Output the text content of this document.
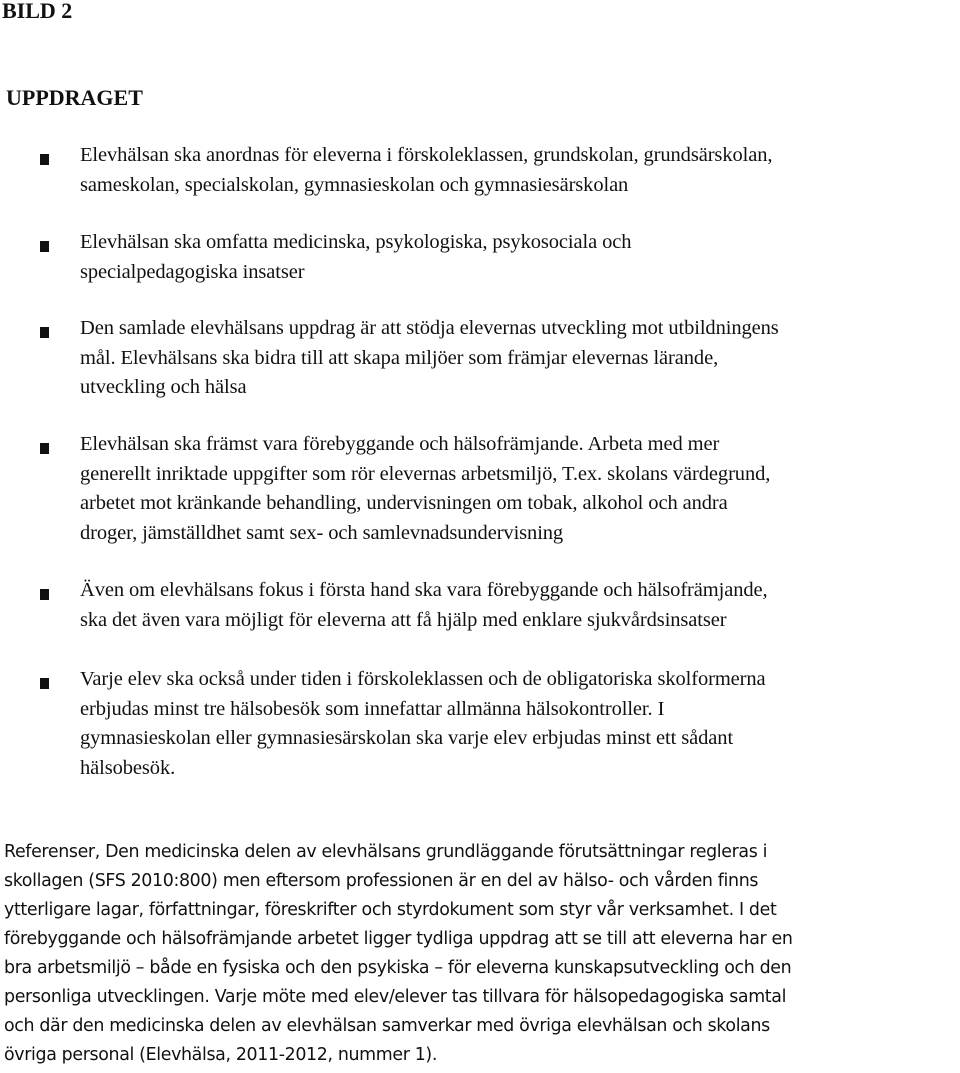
BILD 2
UPPDRAGET
Elevhälsan ska anordnas för eleverna i förskoleklassen, grundskolan, grundsärskolan,
sameskolan, specialskolan, gymnasieskolan och gymnasiesärskolan
Elevhälsan ska omfatta medicinska, psykologiska, psykosociala och
specialpedagogiska insatser
Den samlade elevhälsans uppdrag är att stödja elevernas utveckling mot utbildningens
mål. Elevhälsans ska bidra till att skapa miljöer som främjar elevernas lärande,
utveckling och hälsa
Elevhälsan ska främst vara förebyggande och hälsofrämjande. Arbeta med mer
generellt inriktade uppgifter som rör elevernas arbetsmiljö, T.ex. skolans värdegrund,
arbetet mot kränkande behandling, undervisningen om tobak, alkohol och andra
droger, jämställdhet samt sex- och samlevnadsundervisning
Även om elevhälsans fokus i första hand ska vara förebyggande och hälsofrämjande,
ska det även vara möjligt för eleverna att få hjälp med enklare sjukvårdsinsatser
Varje elev ska också under tiden i förskoleklassen och de obligatoriska skolformerna
erbjudas minst tre hälsobesök som innefattar allmänna hälsokontroller. I
gymnasieskolan eller gymnasiesärskolan ska varje elev erbjudas minst ett sådant
hälsobesök.
Referenser, Den medicinska delen av elevhälsans grundläggande förutsättningar regleras i
skollagen (SFS 2010:800) men eftersom professionen är en del av hälso- och vården finns
ytterligare lagar, författningar, föreskrifter och styrdokument som styr vår verksamhet. I det
förebyggande och hälsofrämjande arbetet ligger tydliga uppdrag att se till att eleverna har en
bra arbetsmiljö – både en fysiska och den psykiska – för eleverna kunskapsutveckling och den
personliga utvecklingen. Varje möte med elev/elever tas tillvara för hälsopedagogiska samtal
och där den medicinska delen av elevhälsan samverkar med övriga elevhälsan och skolans
övriga personal (Elevhälsa, 2011-2012, nummer 1).
